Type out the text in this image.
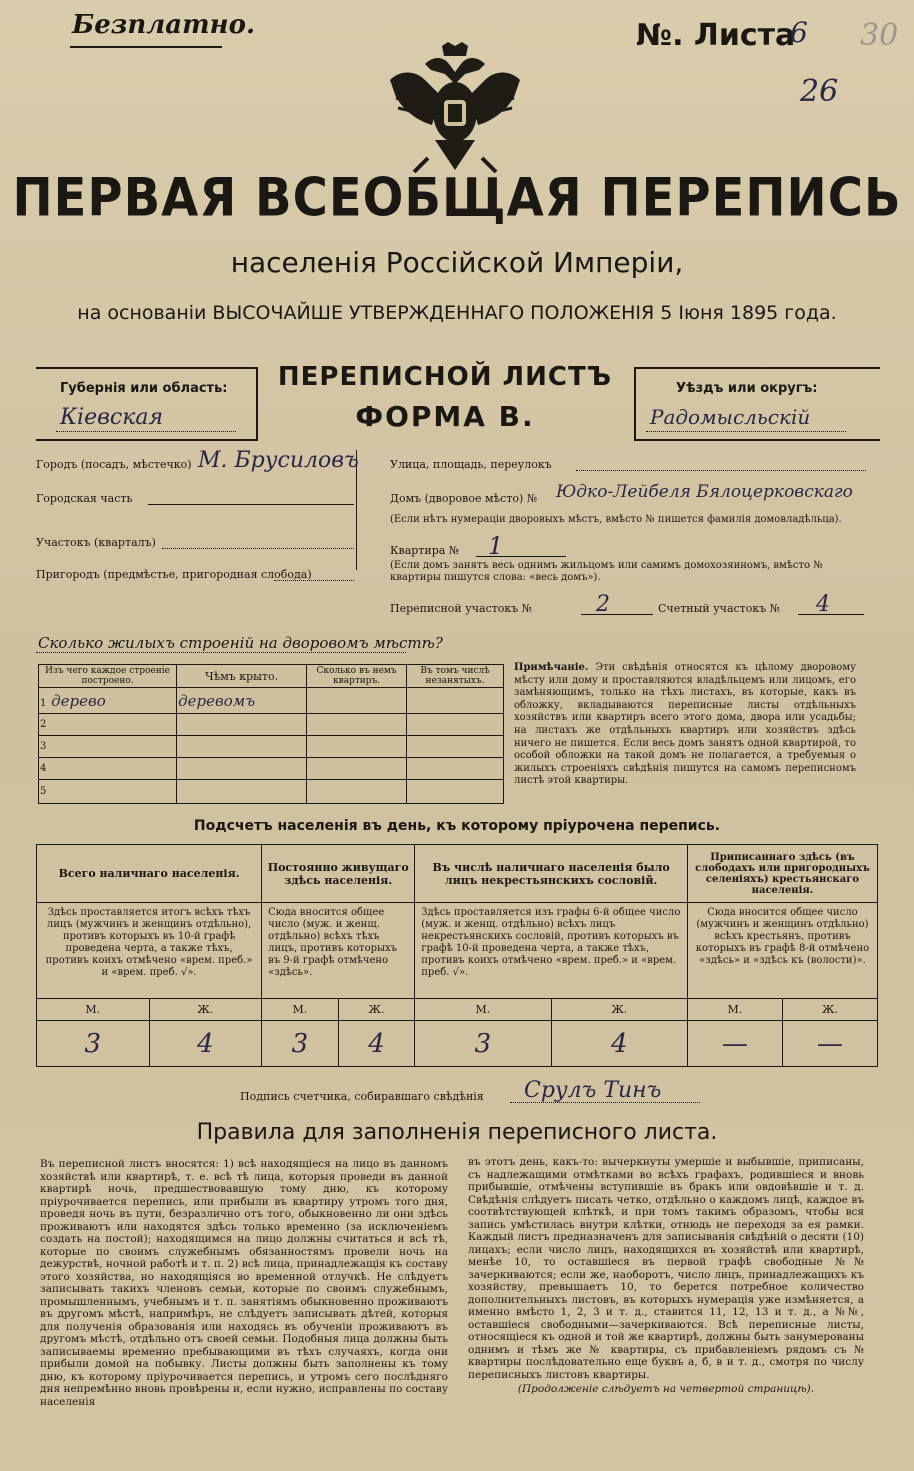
Безплатно.	№. Листа
6 30
26
ПЕРВАЯ ВСЕОБЩАЯ ПЕРЕПИСЬ
населенія Россійской Имперіи,
на основаніи ВЫСОЧАЙШЕ УТВЕРЖДЕННАГО ПОЛОЖЕНІЯ 5 Іюня 1895 года.
Губернія или область:
Кіевская
ПЕРЕПИСНОЙ ЛИСТЪ
ФОРМА В.
Уѣздъ или округъ:
Радомысльскій
Городъ (посадъ, мѣстечко) М. Брусиловъ
Городская часть
Участокъ (кварталъ)
Пригородъ (предмѣстье, пригородная слобода)
Улица, площадь, переулокъ
Домъ (дворовое мѣсто) № Юдко-Лейбеля Бялоцерковскаго
(Если нѣтъ нумераціи дворовыхъ мѣстъ, вмѣсто № пишется фамилія домовладѣльца).
Квартира № 1
(Если домъ занятъ весь однимъ жильцомъ или самимъ домохозяиномъ, вмѣсто № квартиры пишутся слова: «весь домъ»).
Переписной участокъ №	2	Счетный участокъ № 4
Сколько жилыхъ строеній на дворовомъ мѣстѣ?
Изъ чего каждое строеніе построено.	Чѣмъ крыто.	Сколько въ немъ квартиръ.	Въ томъ числѣ незанятыхъ.
1 дерево	деревомъ		
2			
3			
4			
5			
Примѣчаніе. Эти свѣдѣнія относятся къ цѣлому дворовому мѣсту или дому и проставляются владѣльцемъ или лицомъ, его замѣняющимъ, только на тѣхъ листахъ, въ которые, какъ въ обложку, вкладываются переписные листы отдѣльныхъ хозяйствъ или квартиръ всего этого дома, двора или усадьбы; на листахъ же отдѣльныхъ квартиръ или хозяйствъ здѣсь ничего не пишется. Если весь домъ занятъ одной квартирой, то особой обложки на такой домъ не полагается, а требуемыя о жилыхъ строеніяхъ свѣдѣнія пишутся на самомъ переписномъ листѣ этой квартиры.
Подсчетъ населенія въ день, къ которому пріурочена перепись.
Всего наличнаго населенія.		Постоянно живущаго здѣсь населенія.		Въ числѣ наличнаго населенія было лицъ некрестьянскихъ сословій.		Приписаннаго здѣсь (въ слободахъ или пригородныхъ селеніяхъ) крестьянскаго населенія.	
Здѣсь проставляется итогъ всѣхъ тѣхъ лицъ (мужчинъ и женщинъ отдѣльно), противъ которыхъ въ 10-й графѣ проведена черта, а также тѣхъ, противъ коихъ отмѣчено «врем. преб.» и «врем. преб. √».		Сюда вносится общее число (муж. и женщ. отдѣльно) всѣхъ тѣхъ лицъ, противъ которыхъ въ 9-й графѣ отмѣчено «здѣсь».		Здѣсь проставляется изъ графы 6-й общее число (муж. и женщ. отдѣльно) всѣхъ лицъ некрестьянскихъ сословій, противъ которыхъ въ графѣ 10-й проведена черта, а также тѣхъ, противъ коихъ отмѣчено «врем. преб.» и «врем. преб. √».		Сюда вносится общее число (мужчинъ и женщинъ отдѣльно) всѣхъ крестьянъ, противъ которыхъ въ графѣ 8-й отмѣчено «здѣсь» и «здѣсь къ (волости)».	
М.	Ж.	М.	Ж.	М.	Ж.	М.	Ж.
3	4	3	4	3	4	—	—
Подпись счетчика, собиравшаго свѣдѣнія Срулъ Тинъ
Правила для заполненія переписного листа.
Въ переписной листъ вносятся: 1) всѣ находящіеся на лицо въ данномъ хозяйствѣ или квартирѣ, т. е. всѣ тѣ лица, которыя проведи въ данной квартирѣ ночь, предшествовавшую тому дню, къ которому пріурочивается перепись, или прибыли въ квартиру утромъ того дня, проведя ночь въ пути, безразлично отъ того, обыкновенно ли они здѣсь проживаютъ или находятся здѣсь только временно (за исключеніемъ создать на постой); находящимся на лицо должны считаться и всѣ тѣ, которые по своимъ служебнымъ обязанностямъ провели ночь на дежурствѣ, ночной работѣ и т. п. 2) всѣ лица, принадлежащія къ составу этого хозяйства, но находящіяся во временной отлучкѣ. Не слѣдуетъ записывать такихъ членовъ семьи, которые по своимъ служебнымъ, промышленнымъ, учебнымъ и т. п. занятіямъ обыкновенно проживаютъ въ другомъ мѣстѣ, напримѣръ, не слѣдуетъ записывать дѣтей, которыя для полученія образованія или находясь въ обученіи проживаютъ въ другомъ мѣстѣ, отдѣльно отъ своей семьи. Подобныя лица должны быть записываемы временно пребывающими въ тѣхъ случаяхъ, когда они прибыли домой на побывку. Листы должны быть заполнены къ тому дню, къ которому пріурочивается перепись, и утромъ сего послѣдняго дня непремѣнно вновь провѣрены и, если нужно, исправлены по составу населенія
въ этотъ день, какъ-то: вычеркнуты умершіе и выбывшіе, приписаны, съ надлежащими отмѣтками во всѣхъ графахъ, родившіеся и вновь прибывшіе, отмѣчены вступившіе въ бракъ или овдовѣвшіе и т. д. Свѣдѣнія слѣдуетъ писать четко, отдѣльно о каждомъ лицѣ, каждое въ соотвѣтствующей клѣткѣ, и при томъ такимъ образомъ, чтобы вся запись умѣстилась внутри клѣтки, отнюдь не переходя за ея рамки. Каждый листъ предназначенъ для записыванія свѣдѣній о десяти (10) лицахъ; если число лицъ, находящихся въ хозяйствѣ или квартирѣ, менѣе 10, то оставшіеся въ первой графѣ свободные №№ зачеркиваются; если же, наоборотъ, число лицъ, принадлежащихъ къ хозяйству, превышаетъ 10, то берется потребное количество дополнительныхъ листовъ, въ которыхъ нумерація уже измѣняется, а именно вмѣсто 1, 2, 3 и т. д., ставится 11, 12, 13 и т. д., а №№, оставшіеся свободными—зачеркиваются. Всѣ переписные листы, относящіеся къ одной и той же квартирѣ, должны быть занумерованы однимъ и тѣмъ же № квартиры, съ прибавленіемъ рядомъ съ № квартиры послѣдовательно еще буквъ а, б, в и т. д., смотря по числу переписныхъ листовъ квартиры.
(Продолженіе слѣдуетъ на четвертой страницѣ).
